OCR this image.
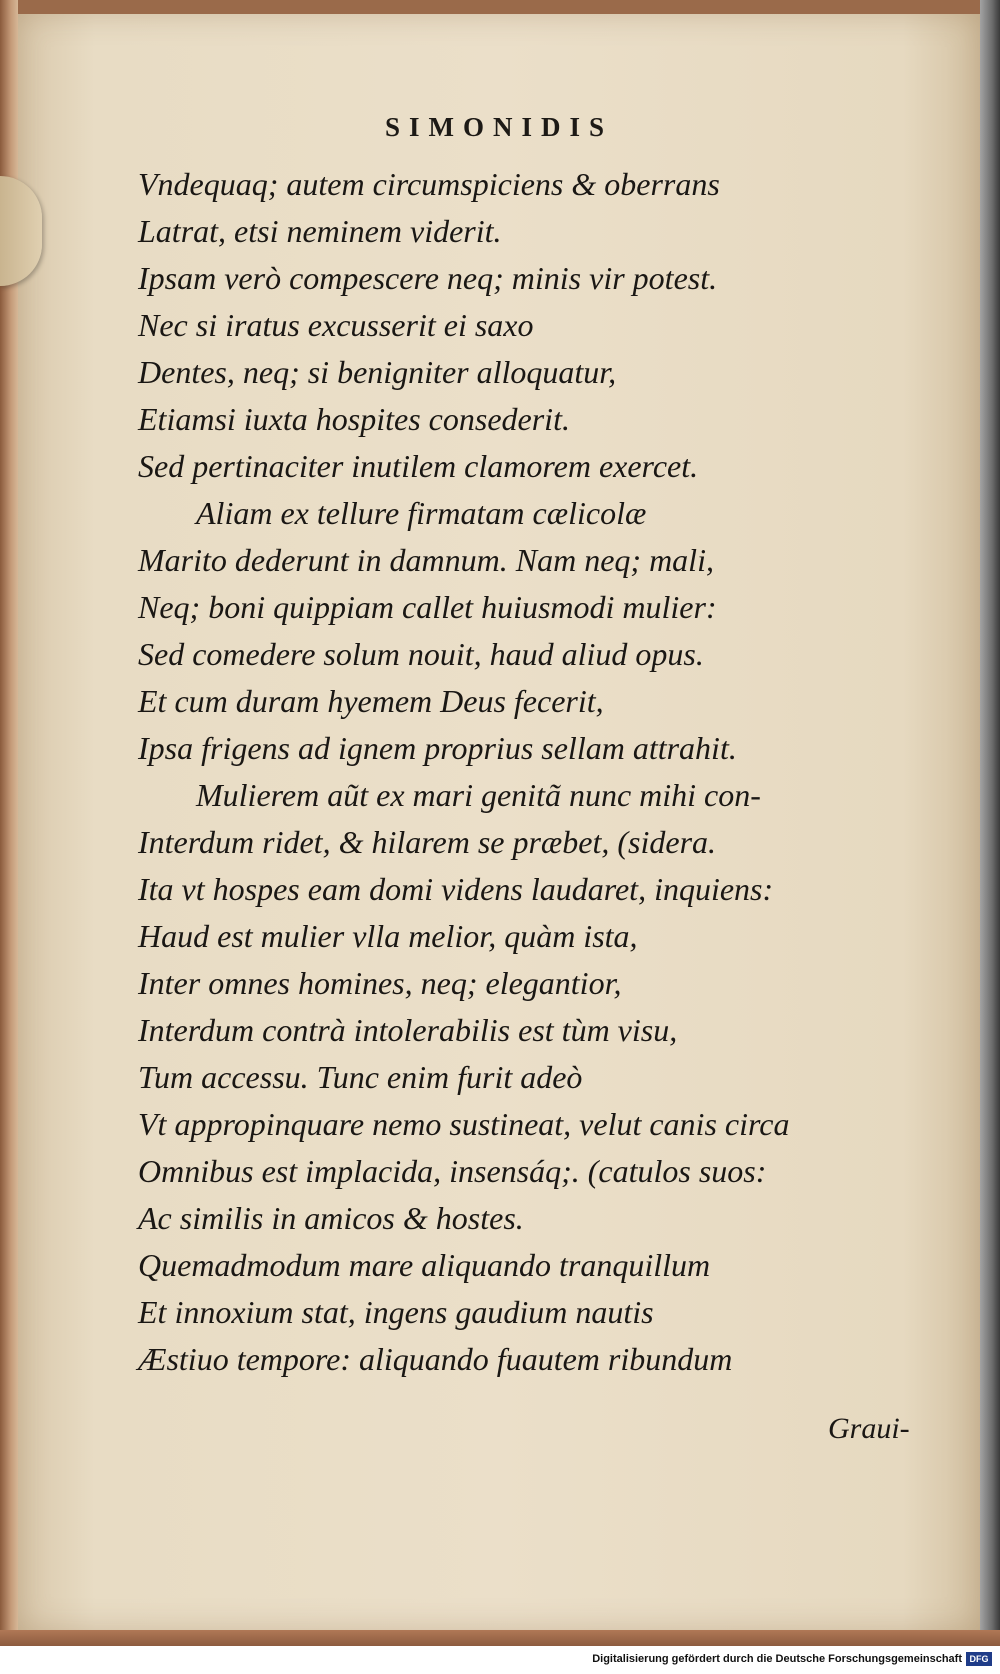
SIMONIDIS
Vndequaq; autem circumspiciens & oberrans
Latrat, etsi neminem viderit.
Ipsam verò compescere neq; minis vir potest.
Nec si iratus excusserit ei saxo
Dentes, neq; si benigniter alloquatur,
Etiamsi iuxta hospites consederit.
Sed pertinaciter inutilem clamorem exercet.
Aliam ex tellure firmatam cælicolæ
Marito dederunt in damnum. Nam neq; mali,
Neq; boni quippiam callet huiusmodi mulier:
Sed comedere solum nouit, haud aliud opus.
Et cum duram hyemem Deus fecerit,
Ipsa frigens ad ignem proprius sellam attrahit.
Mulierem aũt ex mari genitã nunc mihi con-
Interdum ridet, & hilarem se præbet, (sidera.
Ita vt hospes eam domi videns laudaret, inquiens:
Haud est mulier vlla melior, quàm ista,
Inter omnes homines, neq; elegantior,
Interdum contrà intolerabilis est tùm visu,
Tum accessu. Tunc enim furit adeò
Vt appropinquare nemo sustineat, velut canis circa
Omnibus est implacida, insensáq;. (catulos suos:
Ac similis in amicos & hostes.
Quemadmodum mare aliquando tranquillum
Et innoxium stat, ingens gaudium nautis
Æstiuo tempore: aliquando fuautem ribundum
Graui-
Digitalisierung gefördert durch die Deutsche Forschungsgemeinschaft DFG
